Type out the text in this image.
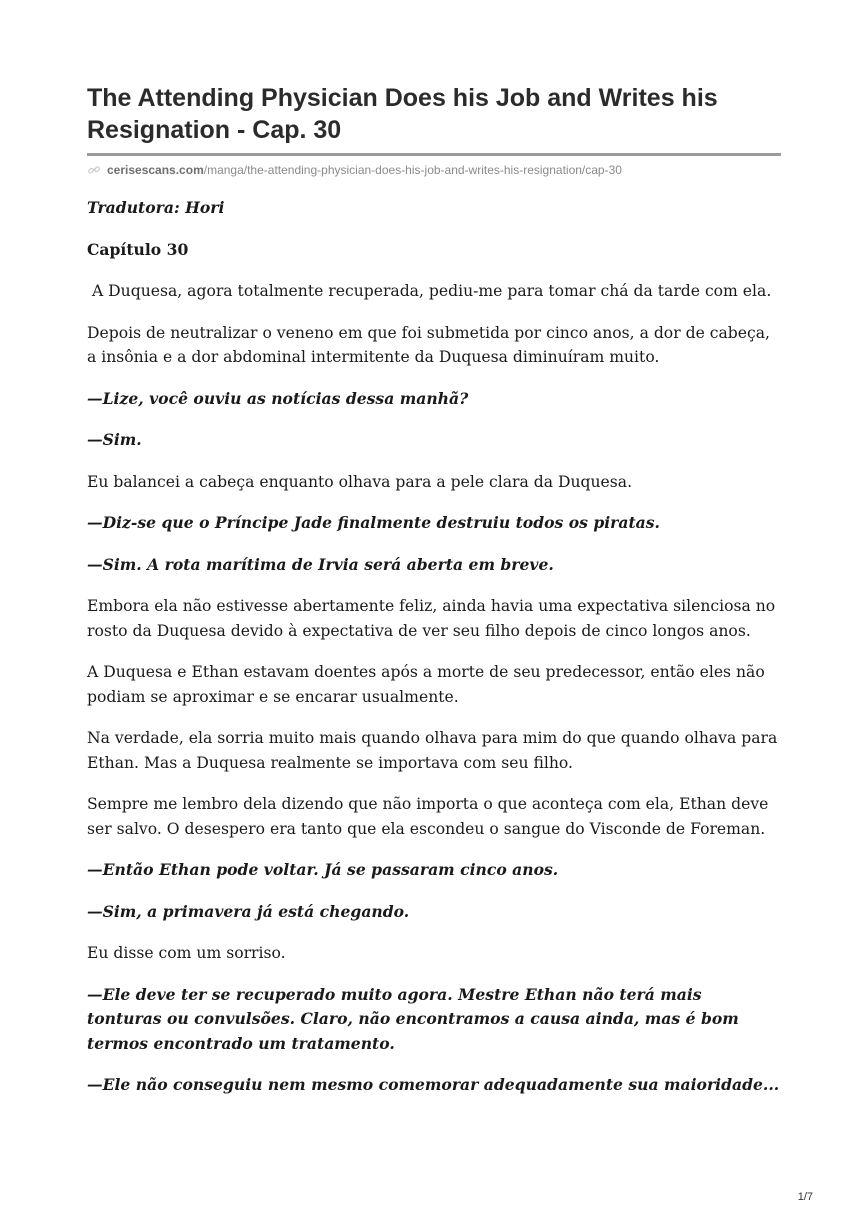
The Attending Physician Does his Job and Writes his Resignation - Cap. 30
cerisescans.com /manga/the-attending-physician-does-his-job-and-writes-his-resignation/cap-30

Tradutora: Hori

Capítulo 30

A Duquesa, agora totalmente recuperada, pediu-me para tomar chá da tarde com ela.

Depois de neutralizar o veneno em que foi submetida por cinco anos, a dor de cabeça, a insônia e a dor abdominal intermitente da Duquesa diminuíram muito.

—Lize, você ouviu as notícias dessa manhã?

—Sim.

Eu balancei a cabeça enquanto olhava para a pele clara da Duquesa.

—Diz-se que o Príncipe Jade finalmente destruiu todos os piratas.

—Sim. A rota marítima de Irvia será aberta em breve.

Embora ela não estivesse abertamente feliz, ainda havia uma expectativa silenciosa no rosto da Duquesa devido à expectativa de ver seu filho depois de cinco longos anos.

A Duquesa e Ethan estavam doentes após a morte de seu predecessor, então eles não podiam se aproximar e se encarar usualmente.

Na verdade, ela sorria muito mais quando olhava para mim do que quando olhava para Ethan. Mas a Duquesa realmente se importava com seu filho.

Sempre me lembro dela dizendo que não importa o que aconteça com ela, Ethan deve ser salvo. O desespero era tanto que ela escondeu o sangue do Visconde de Foreman.

—Então Ethan pode voltar. Já se passaram cinco anos.

—Sim, a primavera já está chegando.

Eu disse com um sorriso.

—Ele deve ter se recuperado muito agora. Mestre Ethan não terá mais tonturas ou convulsões. Claro, não encontramos a causa ainda, mas é bom termos encontrado um tratamento.

—Ele não conseguiu nem mesmo comemorar adequadamente sua maioridade...

1/7
